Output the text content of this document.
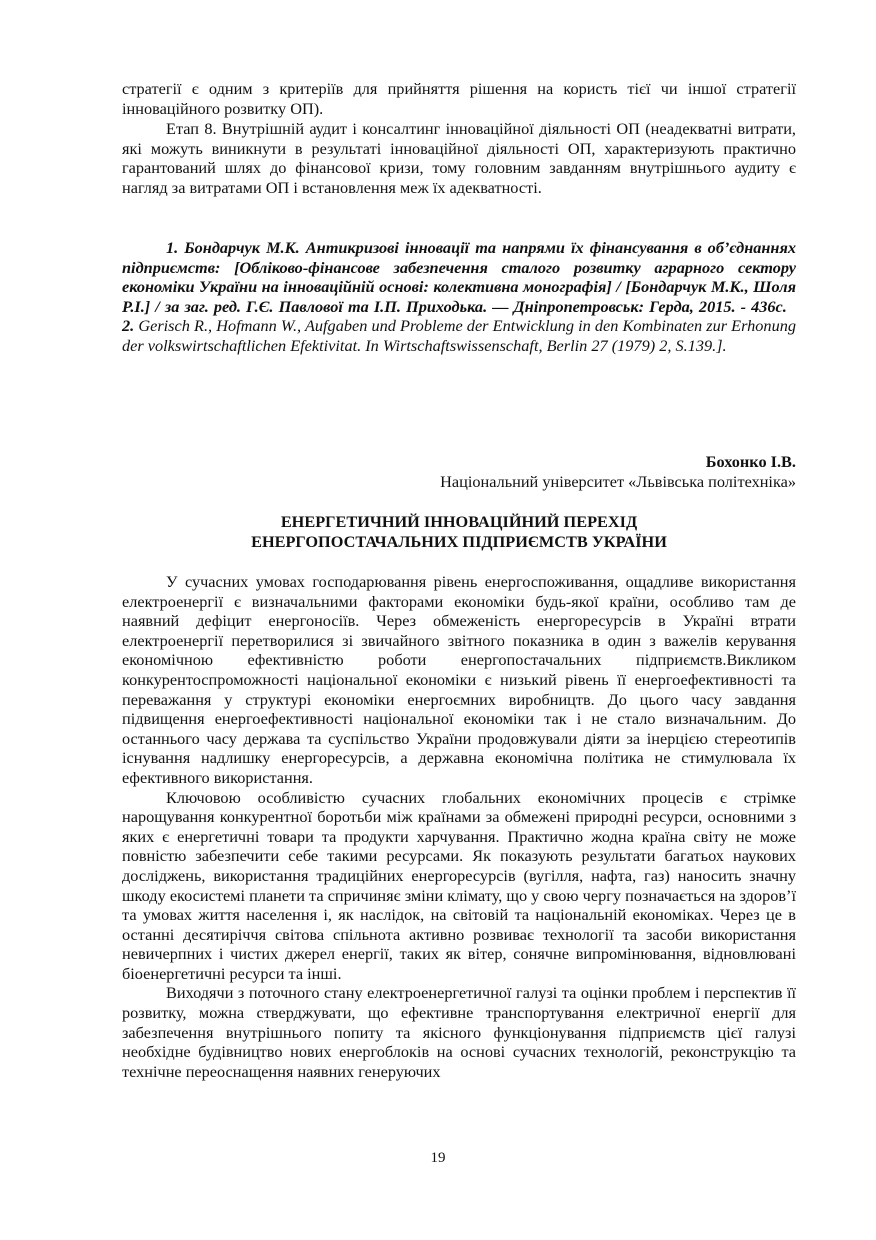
стратегії є одним з критеріїв для прийняття рішення на користь тієї чи іншої стратегії інноваційного розвитку ОП).

Етап 8. Внутрішній аудит і консалтинг інноваційної діяльності ОП (неадекватні витрати, які можуть виникнути в результаті інноваційної діяльності ОП, характеризують практично гарантований шлях до фінансової кризи, тому головним завданням внутрішнього аудиту є нагляд за витратами ОП і встановлення меж їх адекватності.

1. Бондарчук М.К. Антикризові інновації та напрями їх фінансування в об’єднаннях підприємств: [Обліково-фінансове забезпечення сталого розвитку аграрного сектору економіки України на інноваційній основі: колективна монографія] / [Бондарчук М.К., Шоля Р.І.] / за заг. ред. Г.Є. Павлової та І.П. Приходька. — Дніпропетровськ: Герда, 2015. - 436с.   2. Gerisch R., Hofmann W., Aufgaben und Probleme der Entwicklung in den Kombinaten zur Erhonung der volkswirtschaftlichen Efektivitat. In Wirtschaftswissenschaft, Berlin 27 (1979) 2, S.139.].

Бохонко І.В.

Національний університет «Львівська політехніка»

ЕНЕРГЕТИЧНИЙ ІННОВАЦІЙНИЙ ПЕРЕХІД

ЕНЕРГОПОСТАЧАЛЬНИХ ПІДПРИЄМСТВ УКРАЇНИ

У сучасних умовах господарювання рівень енергоспоживання, ощадливе використання електроенергії є визначальними факторами економіки будь-якої країни, особливо там де наявний дефіцит енергоносіїв. Через обмеженість енергоресурсів в Україні втрати електроенергії перетворилися зі звичайного звітного показника в один з важелів керування економічною ефективністю роботи енергопостачальних підприємств.Викликом конкурентоспроможності національної економіки є низький рівень її енергоефективності та переважання у структурі економіки енергоємних виробництв. До цього часу завдання підвищення енергоефективності національної економіки так і не стало визначальним. До останнього часу держава та суспільство України продовжували діяти за інерцією стереотипів існування надлишку енергоресурсів, а державна економічна політика не стимулювала їх ефективного використання.

Ключовою особливістю сучасних глобальних економічних процесів є стрімке нарощування конкурентної боротьби між країнами за обмежені природні ресурси, основними з яких є енергетичні товари та продукти харчування. Практично жодна країна світу не може повністю забезпечити себе такими ресурсами. Як показують результати багатьох наукових досліджень, використання традиційних енергоресурсів (вугілля, нафта, газ) наносить значну шкоду екосистемі планети та спричиняє зміни клімату, що у свою чергу позначається на здоров’ї та умовах життя населення і, як наслідок, на світовій та національній економіках. Через це в останні десятиріччя світова спільнота активно розвиває технології та засоби використання невичерпних і чистих джерел енергії, таких як вітер, сонячне випромінювання, відновлювані біоенергетичні ресурси та інші.

Виходячи з поточного стану електроенергетичної галузі та оцінки проблем і перспектив її розвитку, можна стверджувати, що ефективне транспортування електричної енергії для забезпечення внутрішнього попиту та якісного функціонування підприємств цієї галузі необхідне будівництво нових енергоблоків на основі сучасних технологій, реконструкцію та технічне переоснащення наявних генеруючих

19
